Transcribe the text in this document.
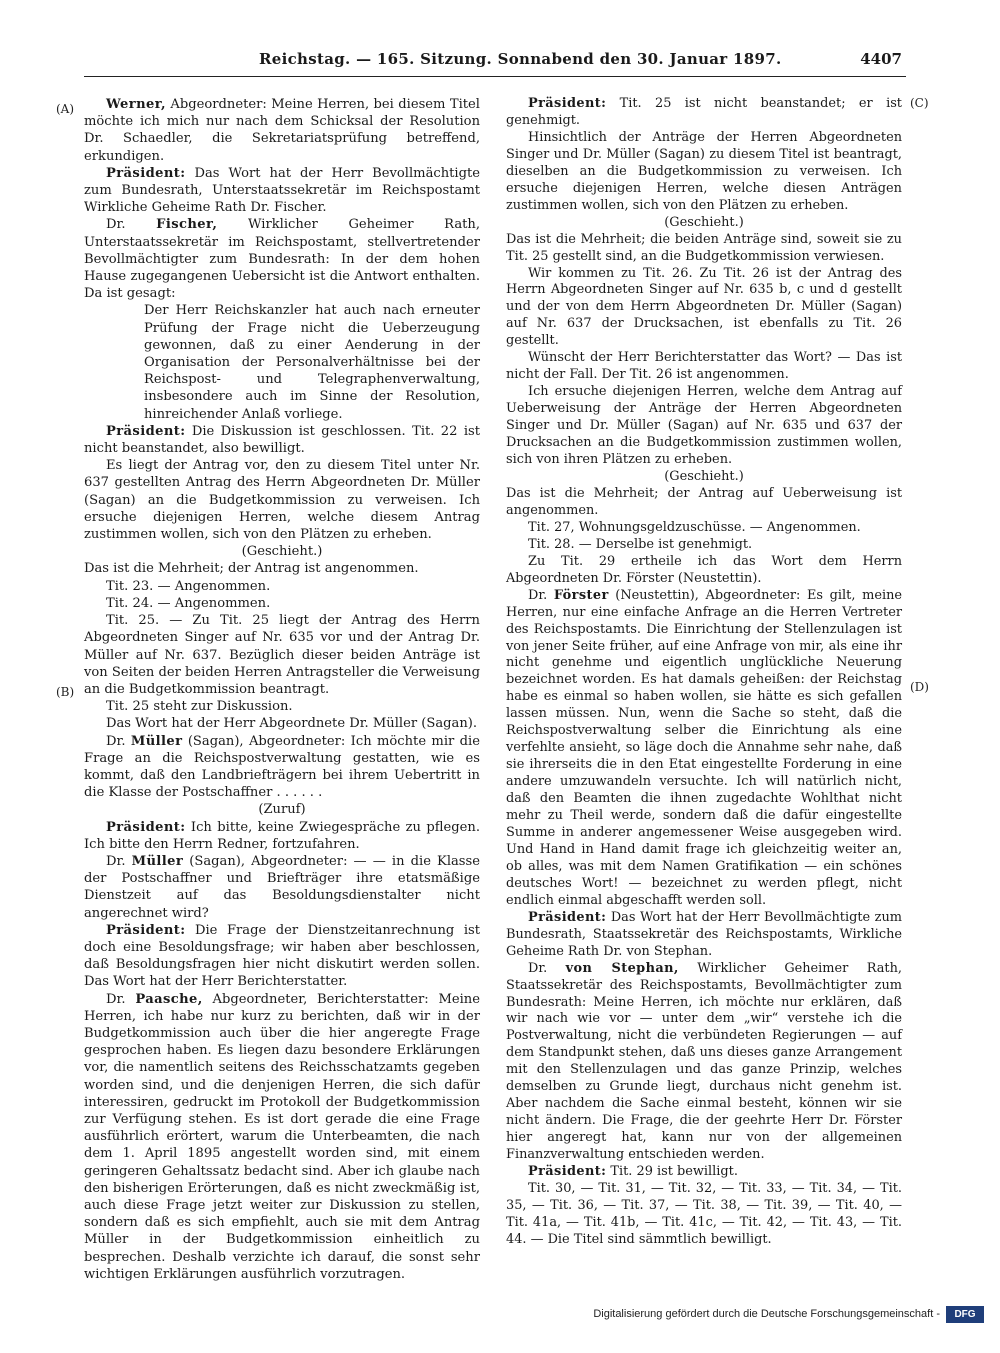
Reichstag. — 165. Sitzung. Sonnabend den 30. Januar 1897.	4407
(A)
(B)
(C)
(D)

Werner, Abgeordneter: Meine Herren, bei diesem Titel möchte ich mich nur nach dem Schicksal der Resolution Dr. Schaedler, die Sekretariatsprüfung betreffend, erkundigen.

Präsident: Das Wort hat der Herr Bevollmächtigte zum Bundesrath, Unterstaatssekretär im Reichspostamt Wirkliche Geheime Rath Dr. Fischer.

Dr. Fischer, Wirklicher Geheimer Rath, Unterstaatssekretär im Reichspostamt, stellvertretender Bevollmächtigter zum Bundesrath: In der dem hohen Hause zugegangenen Uebersicht ist die Antwort enthalten. Da ist gesagt:

Der Herr Reichskanzler hat auch nach erneuter Prüfung der Frage nicht die Ueberzeugung gewonnen, daß zu einer Aenderung in der Organisation der Personalverhältnisse bei der Reichspost- und Telegraphenverwaltung, insbesondere auch im Sinne der Resolution, hinreichender Anlaß vorliege.

Präsident: Die Diskussion ist geschlossen. Tit. 22 ist nicht beanstandet, also bewilligt.

Es liegt der Antrag vor, den zu diesem Titel unter Nr. 637 gestellten Antrag des Herrn Abgeordneten Dr. Müller (Sagan) an die Budgetkommission zu verweisen. Ich ersuche diejenigen Herren, welche diesem Antrag zustimmen wollen, sich von den Plätzen zu erheben.

(Geschieht.)

Das ist die Mehrheit; der Antrag ist angenommen.

Tit. 23. — Angenommen.

Tit. 24. — Angenommen.

Tit. 25. — Zu Tit. 25 liegt der Antrag des Herrn Abgeordneten Singer auf Nr. 635 vor und der Antrag Dr. Müller auf Nr. 637. Bezüglich dieser beiden Anträge ist von Seiten der beiden Herren Antragsteller die Verweisung an die Budgetkommission beantragt.

Tit. 25 steht zur Diskussion.

Das Wort hat der Herr Abgeordnete Dr. Müller (Sagan).

Dr. Müller (Sagan), Abgeordneter: Ich möchte mir die Frage an die Reichspostverwaltung gestatten, wie es kommt, daß den Landbriefträgern bei ihrem Uebertritt in die Klasse der Postschaffner . . . . . .

(Zuruf)

Präsident: Ich bitte, keine Zwiegespräche zu pflegen. Ich bitte den Herrn Redner, fortzufahren.

Dr. Müller (Sagan), Abgeordneter: — — in die Klasse der Postschaffner und Briefträger ihre etatsmäßige Dienstzeit auf das Besoldungsdienstalter nicht angerechnet wird?

Präsident: Die Frage der Dienstzeitanrechnung ist doch eine Besoldungsfrage; wir haben aber beschlossen, daß Besoldungsfragen hier nicht diskutirt werden sollen. Das Wort hat der Herr Berichterstatter.

Dr. Paasche, Abgeordneter, Berichterstatter: Meine Herren, ich habe nur kurz zu berichten, daß wir in der Budgetkommission auch über die hier angeregte Frage gesprochen haben. Es liegen dazu besondere Erklärungen vor, die namentlich seitens des Reichsschatzamts gegeben worden sind, und die denjenigen Herren, die sich dafür interessiren, gedruckt im Protokoll der Budgetkommission zur Verfügung stehen. Es ist dort gerade die eine Frage ausführlich erörtert, warum die Unterbeamten, die nach dem 1. April 1895 angestellt worden sind, mit einem geringeren Gehaltssatz bedacht sind. Aber ich glaube nach den bisherigen Erörterungen, daß es nicht zweckmäßig ist, auch diese Frage jetzt weiter zur Diskussion zu stellen, sondern daß es sich empfiehlt, auch sie mit dem Antrag Müller in der Budgetkommission einheitlich zu besprechen. Deshalb verzichte ich darauf, die sonst sehr wichtigen Erklärungen ausführlich vorzutragen.

Präsident: Tit. 25 ist nicht beanstandet; er ist genehmigt.

Hinsichtlich der Anträge der Herren Abgeordneten Singer und Dr. Müller (Sagan) zu diesem Titel ist beantragt, dieselben an die Budgetkommission zu verweisen. Ich ersuche diejenigen Herren, welche diesen Anträgen zustimmen wollen, sich von den Plätzen zu erheben.

(Geschieht.)

Das ist die Mehrheit; die beiden Anträge sind, soweit sie zu Tit. 25 gestellt sind, an die Budgetkommission verwiesen.

Wir kommen zu Tit. 26. Zu Tit. 26 ist der Antrag des Herrn Abgeordneten Singer auf Nr. 635 b, c und d gestellt und der von dem Herrn Abgeordneten Dr. Müller (Sagan) auf Nr. 637 der Drucksachen, ist ebenfalls zu Tit. 26 gestellt.

Wünscht der Herr Berichterstatter das Wort? — Das ist nicht der Fall. Der Tit. 26 ist angenommen.

Ich ersuche diejenigen Herren, welche dem Antrag auf Ueberweisung der Anträge der Herren Abgeordneten Singer und Dr. Müller (Sagan) auf Nr. 635 und 637 der Drucksachen an die Budgetkommission zustimmen wollen, sich von ihren Plätzen zu erheben.

(Geschieht.)

Das ist die Mehrheit; der Antrag auf Ueberweisung ist angenommen.

Tit. 27, Wohnungsgeldzuschüsse. — Angenommen.

Tit. 28. — Derselbe ist genehmigt.

Zu Tit. 29 ertheile ich das Wort dem Herrn Abgeordneten Dr. Förster (Neustettin).

Dr. Förster (Neustettin), Abgeordneter: Es gilt, meine Herren, nur eine einfache Anfrage an die Herren Vertreter des Reichspostamts. Die Einrichtung der Stellenzulagen ist von jener Seite früher, auf eine Anfrage von mir, als eine ihr nicht genehme und eigentlich unglückliche Neuerung bezeichnet worden. Es hat damals geheißen: der Reichstag habe es einmal so haben wollen, sie hätte es sich gefallen lassen müssen. Nun, wenn die Sache so steht, daß die Reichspostverwaltung selber die Einrichtung als eine verfehlte ansieht, so läge doch die Annahme sehr nahe, daß sie ihrerseits die in den Etat eingestellte Forderung in eine andere umzuwandeln versuchte. Ich will natürlich nicht, daß den Beamten die ihnen zugedachte Wohlthat nicht mehr zu Theil werde, sondern daß die dafür eingestellte Summe in anderer angemessener Weise ausgegeben wird. Und Hand in Hand damit frage ich gleichzeitig weiter an, ob alles, was mit dem Namen Gratifikation — ein schönes deutsches Wort! — bezeichnet zu werden pflegt, nicht endlich einmal abgeschafft werden soll.

Präsident: Das Wort hat der Herr Bevollmächtigte zum Bundesrath, Staatssekretär des Reichspostamts, Wirkliche Geheime Rath Dr. von Stephan.

Dr. von Stephan, Wirklicher Geheimer Rath, Staatssekretär des Reichspostamts, Bevollmächtigter zum Bundesrath: Meine Herren, ich möchte nur erklären, daß wir nach wie vor — unter dem „wir“ verstehe ich die Postverwaltung, nicht die verbündeten Regierungen — auf dem Standpunkt stehen, daß uns dieses ganze Arrangement mit den Stellenzulagen und das ganze Prinzip, welches demselben zu Grunde liegt, durchaus nicht genehm ist. Aber nachdem die Sache einmal besteht, können wir sie nicht ändern. Die Frage, die der geehrte Herr Dr. Förster hier angeregt hat, kann nur von der allgemeinen Finanzverwaltung entschieden werden.

Präsident: Tit. 29 ist bewilligt.

Tit. 30, — Tit. 31, — Tit. 32, — Tit. 33, — Tit. 34, — Tit. 35, — Tit. 36, — Tit. 37, — Tit. 38, — Tit. 39, — Tit. 40, — Tit. 41a, — Tit. 41b, — Tit. 41c, — Tit. 42, — Tit. 43, — Tit. 44. — Die Titel sind sämmtlich bewilligt.

Digitalisierung gefördert durch die Deutsche Forschungsgemeinschaft -	DFG
